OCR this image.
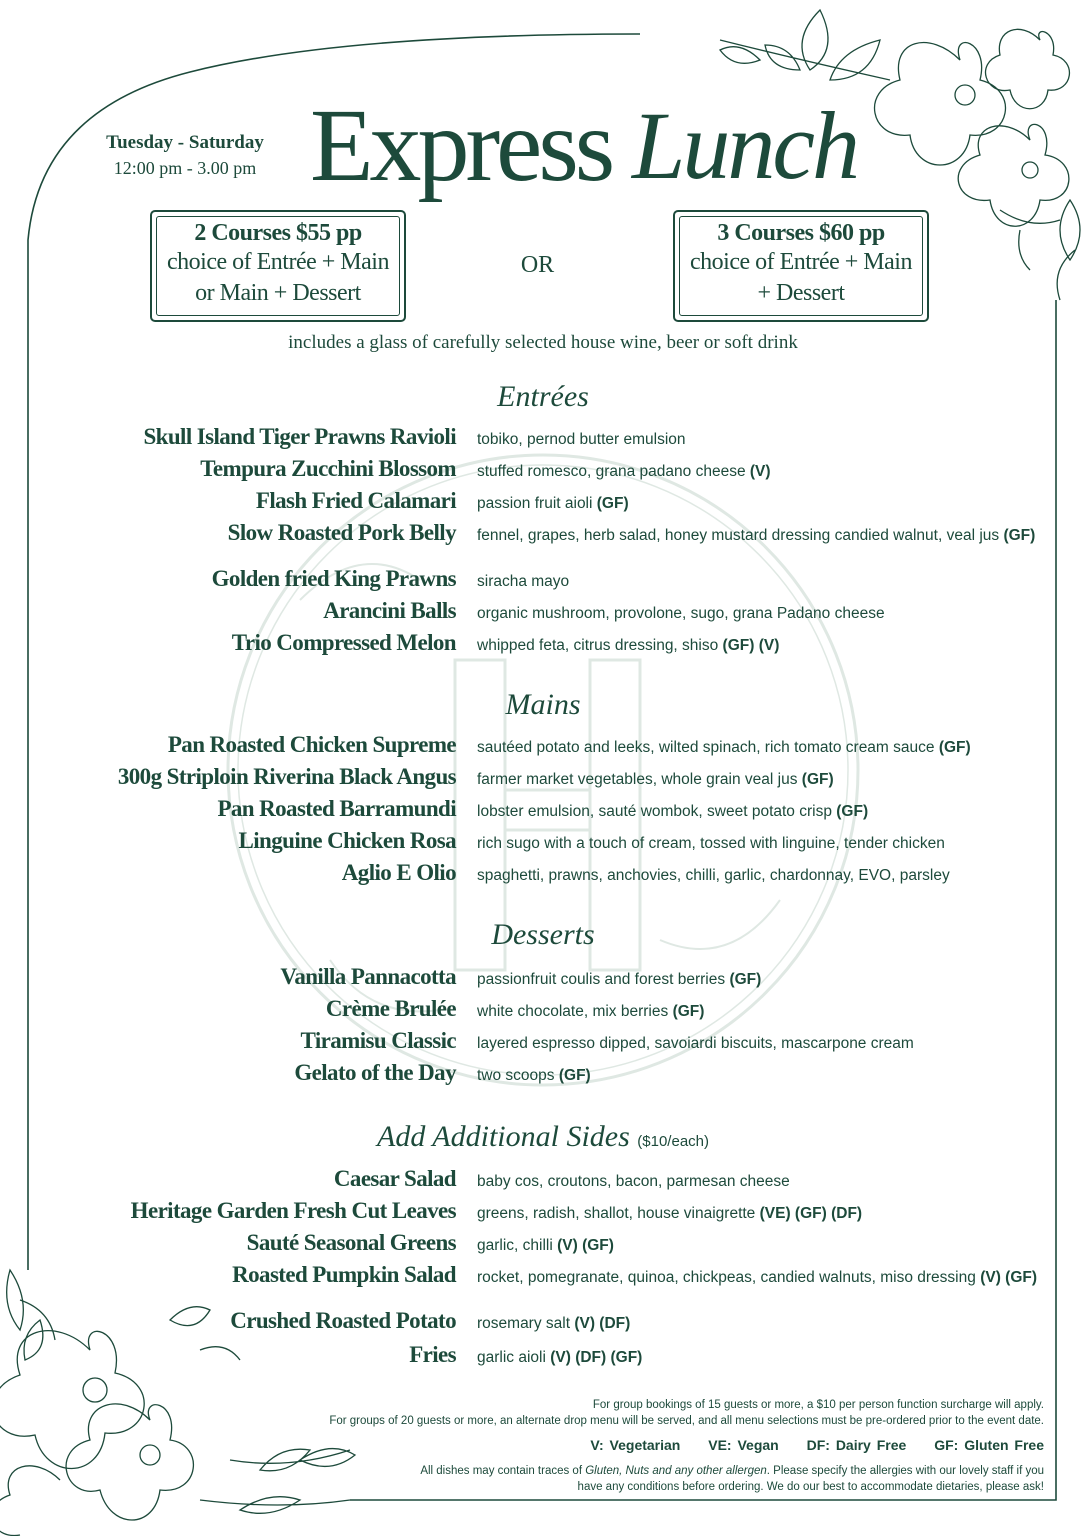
Tuesday - Saturday
12:00 pm - 3.00 pm Express Lunch
2 Courses $55 pp
choice of Entrée + Main
or Main + Dessert
OR
3 Courses $60 pp
choice of Entrée + Main
+ Dessert
includes a glass of carefully selected house wine, beer or soft drink
Entrées
Mains
Desserts
Add Additional Sides ($10/each)
Skull Island Tiger Prawns Ravioli tobiko, pernod butter emulsion
Tempura Zucchini Blossom stuffed romesco, grana padano cheese (V)
Flash Fried Calamari passion fruit aioli (GF)
Slow Roasted Pork Belly fennel, grapes, herb salad, honey mustard dressing candied walnut, veal jus (GF)
Golden fried King Prawns siracha mayo
Arancini Balls organic mushroom, provolone, sugo, grana Padano cheese
Trio Compressed Melon whipped feta, citrus dressing, shiso (GF) (V)
Pan Roasted Chicken Supreme sautéed potato and leeks, wilted spinach, rich tomato cream sauce (GF)
300g Striploin Riverina Black Angus farmer market vegetables, whole grain veal jus (GF)
Pan Roasted Barramundi lobster emulsion, sauté wombok, sweet potato crisp (GF)
Linguine Chicken Rosa rich sugo with a touch of cream, tossed with linguine, tender chicken
Aglio E Olio spaghetti, prawns, anchovies, chilli, garlic, chardonnay, EVO, parsley
Vanilla Pannacotta passionfruit coulis and forest berries (GF)
Crème Brulée white chocolate, mix berries (GF)
Tiramisu Classic layered espresso dipped, savoiardi biscuits, mascarpone cream
Gelato of the Day two scoops (GF)
Caesar Salad baby cos, croutons, bacon, parmesan cheese
Heritage Garden Fresh Cut Leaves greens, radish, shallot, house vinaigrette (VE) (GF) (DF)
Sauté Seasonal Greens garlic, chilli (V) (GF)
Roasted Pumpkin Salad rocket, pomegranate, quinoa, chickpeas, candied walnuts, miso dressing (V) (GF)
Crushed Roasted Potato rosemary salt (V) (DF)
Fries garlic aioli (V) (DF) (GF)
For group bookings of 15 guests or more, a $10 per person function surcharge will apply.
For groups of 20 guests or more, an alternate drop menu will be served, and all menu selections must be pre-ordered prior to the event date.
V: Vegetarian VE: Vegan DF: Dairy Free GF: Gluten Free
All dishes may contain traces of Gluten, Nuts and any other allergen. Please specify the allergies with our lovely staff if you
have any conditions before ordering. We do our best to accommodate dietaries, please ask!
